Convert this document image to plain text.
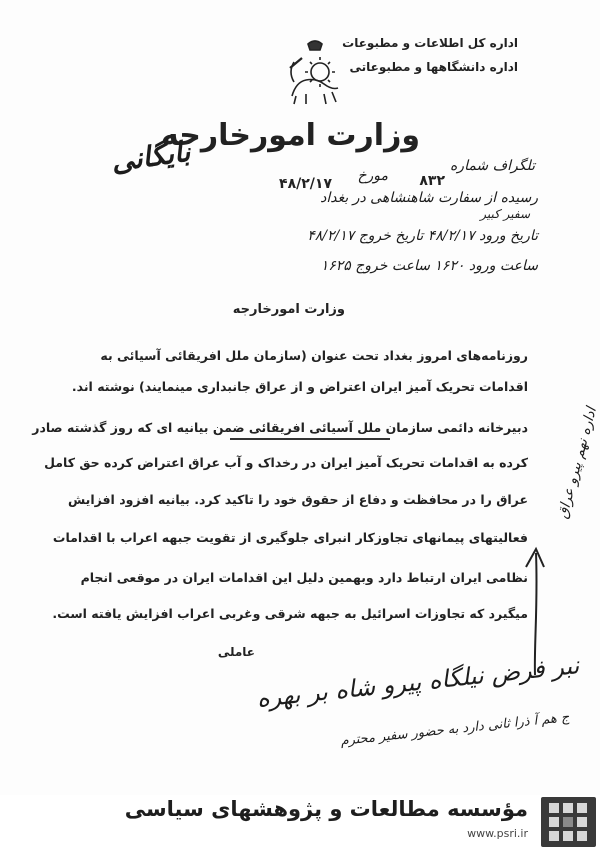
اداره کل اطلاعات و مطبوعات
اداره دانشگاهها و مطبوعاتی
وزارت امورخارجه
بایگانی	تلگراف شماره
۸۳۲
مورخ
۴۸/۲/۱۷
رسیده از سفارت شاهنشاهی در بغداد
سفیر کبیر
تاریخ ورود ۴۸/۲/۱۷ تاریخ خروج ۴۸/۲/۱۷
ساعت ورود ۱۶۲۰ ساعت خروج ۱۶۲۵
وزارت امورخارجه
روزنامه‌های امروز بغداد تحت عنوان (سازمان ملل افریقائی آسیائی به
اقدامات تحریک آمیز ایران اعتراض و از عراق جانبداری مینمایند) نوشته اند.
دبیرخانه دائمی سازمان ملل آسیائی افریقائی ضمن بیانیه ای که روز گذشته صادر
کرده به اقدامات تحریک آمیز ایران در رخداک و آب عراق اعتراض کرده حق کامل
عراق را در محافظت و دفاع از حقوق خود را تاکید کرد. بیانیه افزود افزایش
فعالیتهای پیمانهای تجاوزکار انبرای جلوگیری از تقویت جبهه اعراب با اقدامات
نظامی ایران ارتباط دارد وبهمین دلیل این اقدامات ایران در موقعی انجام
میگیرد که تجاوزات اسرائیل به جبهه شرقی وغربی اعراب افزایش یافته است.
عاملی
اداره نهم پیرو عراق
نبر فرض نیلگاه پیرو شاه بر بهره
ج هم آ ذرا ثانی دارد به حضور سفیر محترم
مؤسسه مطالعات و پژوهشهای سیاسی
www.psri.ir
